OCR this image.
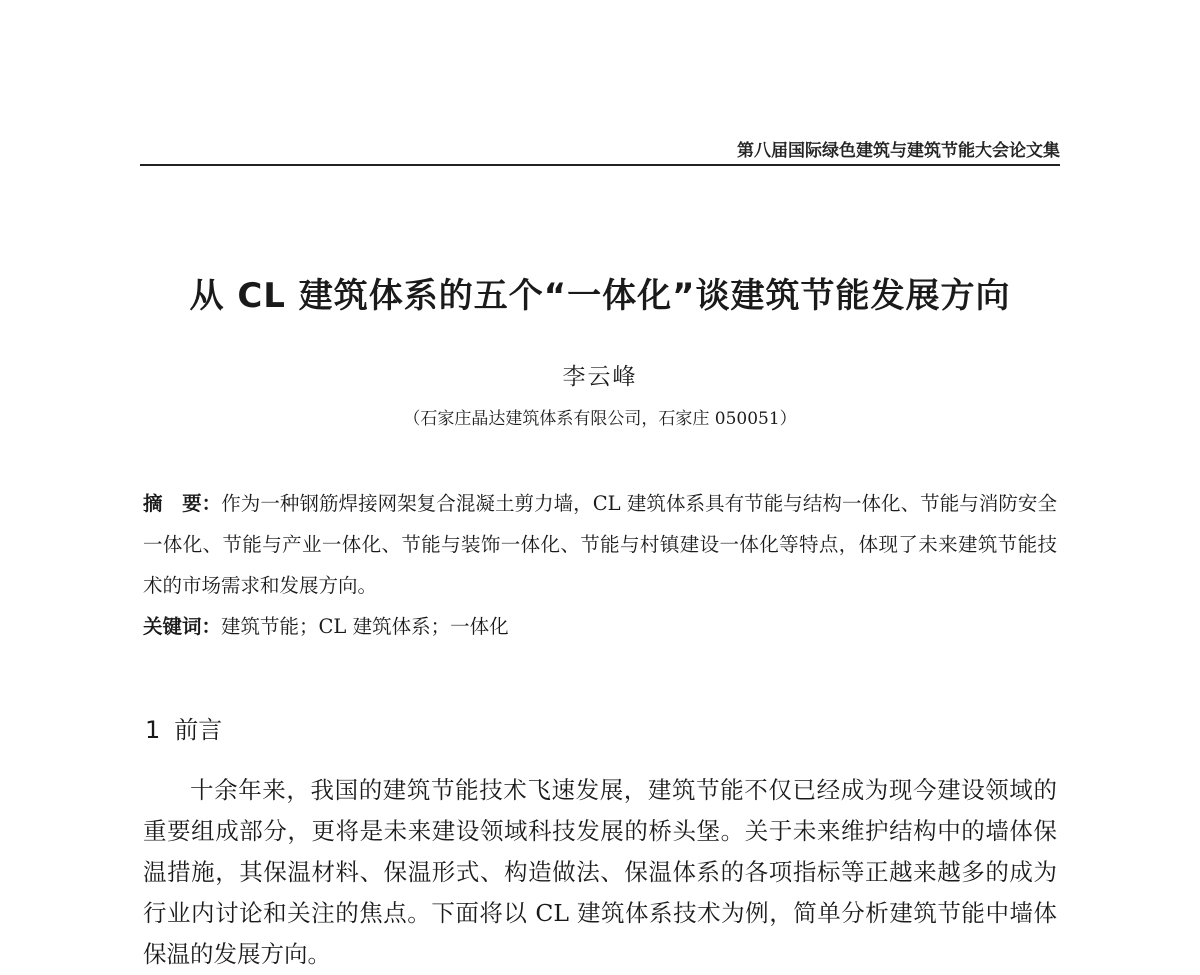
第八届国际绿色建筑与建筑节能大会论文集
从 CL 建筑体系的五个“一体化”谈建筑节能发展方向
李云峰
（石家庄晶达建筑体系有限公司，石家庄 050051）
摘　要：作为一种钢筋焊接网架复合混凝土剪力墙，CL 建筑体系具有节能与结构一体化、节能与消防安全一体化、节能与产业一体化、节能与装饰一体化、节能与村镇建设一体化等特点，体现了未来建筑节能技术的市场需求和发展方向。
关键词：建筑节能；CL 建筑体系；一体化
1 前言
十余年来，我国的建筑节能技术飞速发展，建筑节能不仅已经成为现今建设领域的重要组成部分，更将是未来建设领域科技发展的桥头堡。关于未来维护结构中的墙体保温措施，其保温材料、保温形式、构造做法、保温体系的各项指标等正越来越多的成为行业内讨论和关注的焦点。下面将以 CL 建筑体系技术为例，简单分析建筑节能中墙体保温的发展方向。
